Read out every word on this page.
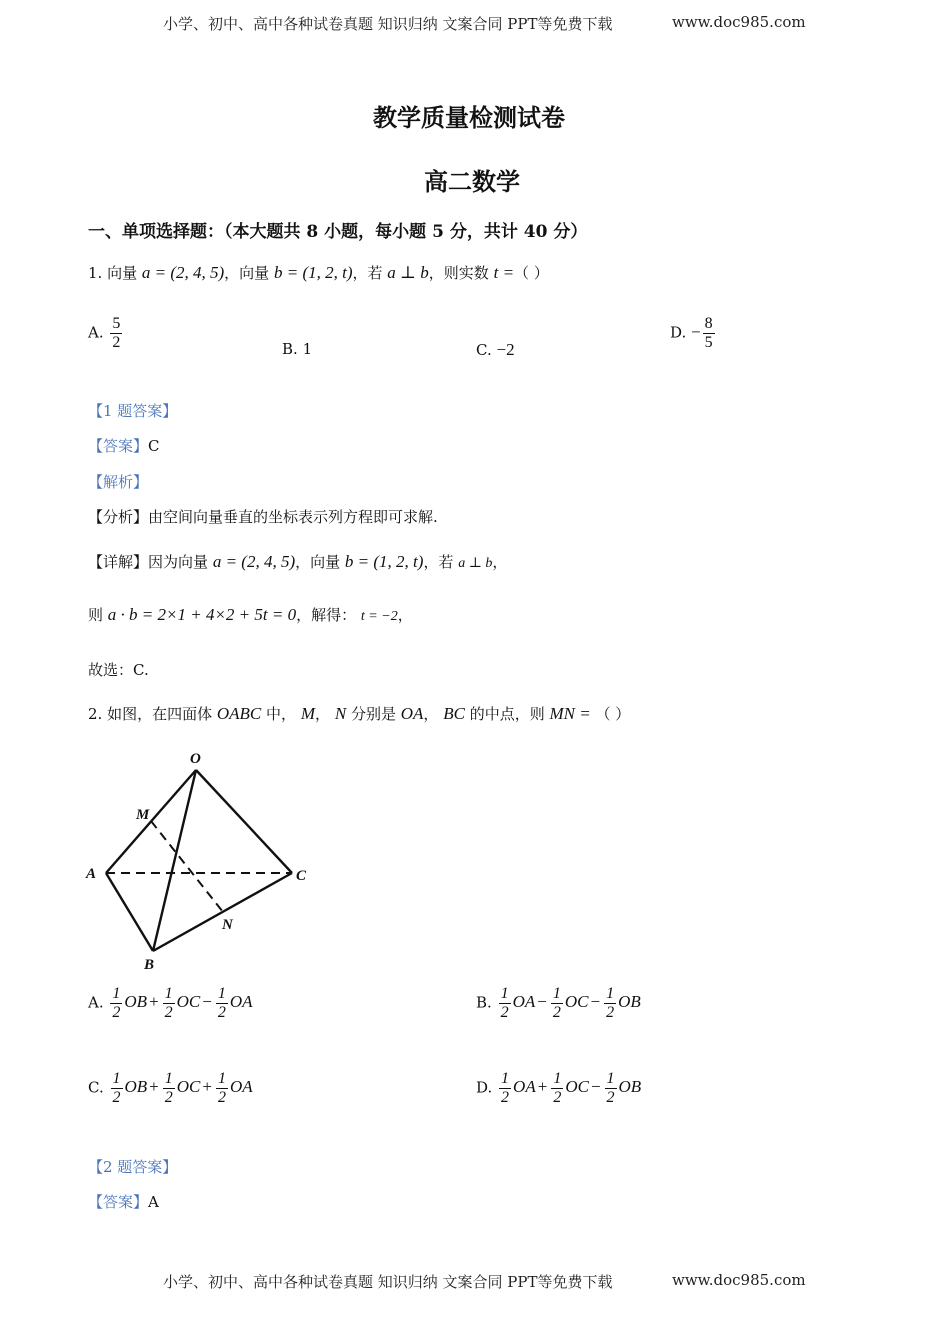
小学、初中、高中各种试卷真题 知识归纳 文案合同 PPT等免费下载	www.doc985.com
教学质量检测试卷
高二数学
一、单项选择题：（本大题共 8 小题，每小题 5 分，共计 40 分）
1. 向量 a = (2, 4, 5)，向量 b = (1, 2, t)，若 a ⊥ b，则实数 t =（ ）
A. $\frac{5}{2}$	B. 1	C. −2
D. − $\frac{8}{5}$
【1 题答案】
【答案】C
【解析】
【分析】由空间向量垂直的坐标表示列方程即可求解.
【详解】因为向量 a = (2, 4, 5)，向量 b = (1, 2, t)，若 a ⊥ b，
则 a · b = 2×1 + 4×2 + 5t = 0，解得： t = −2，
故选：C.
2. 如图，在四面体 OABC 中， M， N 分别是 OA， BC 的中点，则 MN = （ ）
O
M
A	C
N
B
A. $\frac{1}{2}$ OB + $\frac{1}{2}$ OC − $\frac{1}{2}$ OA	B. $\frac{1}{2}$ OA − $\frac{1}{2}$ OC − $\frac{1}{2}$ OB
C. $\frac{1}{2}$ OB + $\frac{1}{2}$ OC + $\frac{1}{2}$ OA	D. $\frac{1}{2}$ OA + $\frac{1}{2}$ OC − $\frac{1}{2}$ OB
【2 题答案】
【答案】A
小学、初中、高中各种试卷真题 知识归纳 文案合同 PPT等免费下载	www.doc985.com
